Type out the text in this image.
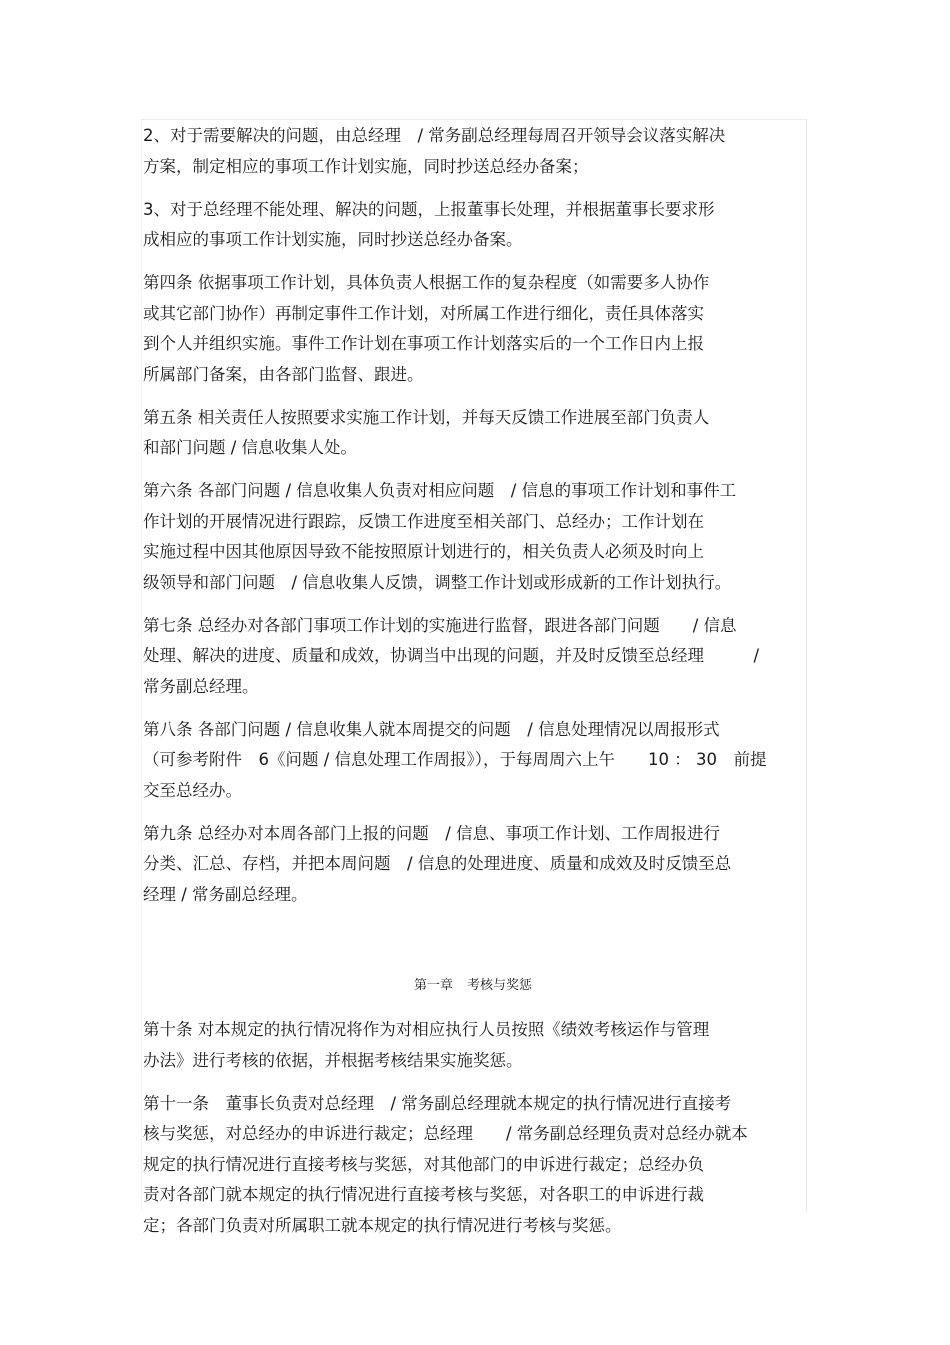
2、对于需要解决的问题，由总经理　/ 常务副总经理每周召开领导会议落实解决
方案，制定相应的事项工作计划实施，同时抄送总经办备案；
3、对于总经理不能处理、解决的问题，上报董事长处理，并根据董事长要求形
成相应的事项工作计划实施，同时抄送总经办备案。
第四条 依据事项工作计划，具体负责人根据工作的复杂程度（如需要多人协作
或其它部门协作）再制定事件工作计划，对所属工作进行细化，责任具体落实
到个人并组织实施。事件工作计划在事项工作计划落实后的一个工作日内上报
所属部门备案，由各部门监督、跟进。
第五条 相关责任人按照要求实施工作计划，并每天反馈工作进展至部门负责人
和部门问题 / 信息收集人处。
第六条 各部门问题 / 信息收集人负责对相应问题　/ 信息的事项工作计划和事件工
作计划的开展情况进行跟踪，反馈工作进度至相关部门、总经办；工作计划在
实施过程中因其他原因导致不能按照原计划进行的，相关负责人必须及时向上
级领导和部门问题　/ 信息收集人反馈，调整工作计划或形成新的工作计划执行。
第七条 总经办对各部门事项工作计划的实施进行监督，跟进各部门问题　　/ 信息
处理、解决的进度、质量和成效，协调当中出现的问题，并及时反馈至总经理　　　/
常务副总经理。
第八条 各部门问题 / 信息收集人就本周提交的问题　/ 信息处理情况以周报形式
（可参考附件　6《问题 / 信息处理工作周报》），于每周周六上午　　10 ： 30　前提
交至总经办。
第九条 总经办对本周各部门上报的问题　/ 信息、事项工作计划、工作周报进行
分类、汇总、存档，并把本周问题　/ 信息的处理进度、质量和成效及时反馈至总
经理 / 常务副总经理。
第一章 考核与奖惩
第十条 对本规定的执行情况将作为对相应执行人员按照《绩效考核运作与管理
办法》进行考核的依据，并根据考核结果实施奖惩。
第十一条　董事长负责对总经理　/ 常务副总经理就本规定的执行情况进行直接考
核与奖惩，对总经办的申诉进行裁定；总经理　　/ 常务副总经理负责对总经办就本
规定的执行情况进行直接考核与奖惩，对其他部门的申诉进行裁定；总经办负
责对各部门就本规定的执行情况进行直接考核与奖惩，对各职工的申诉进行裁
定；各部门负责对所属职工就本规定的执行情况进行考核与奖惩。
